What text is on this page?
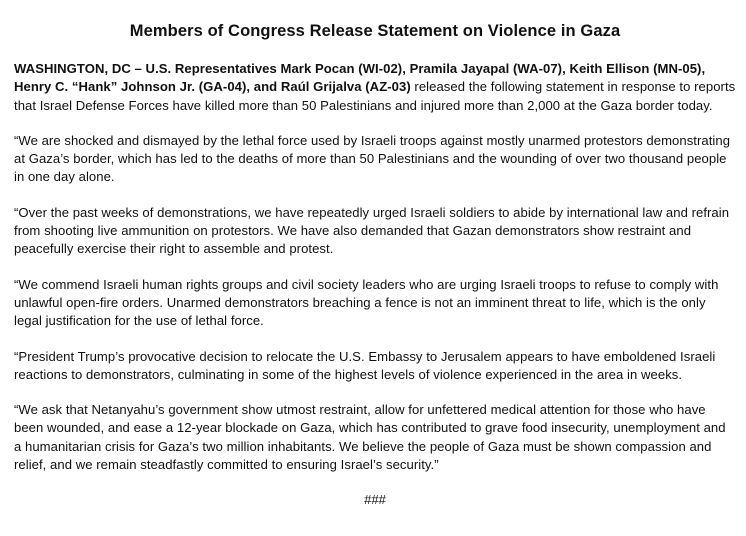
Members of Congress Release Statement on Violence in Gaza

WASHINGTON, DC – U.S. Representatives Mark Pocan (WI-02), Pramila Jayapal (WA-07), Keith Ellison (MN-05), Henry C. “Hank” Johnson Jr. (GA-04), and Raúl Grijalva (AZ-03) released the following statement in response to reports that Israel Defense Forces have killed more than 50 Palestinians and injured more than 2,000 at the Gaza border today.

“We are shocked and dismayed by the lethal force used by Israeli troops against mostly unarmed protestors demonstrating at Gaza’s border, which has led to the deaths of more than 50 Palestinians and the wounding of over two thousand people in one day alone.

“Over the past weeks of demonstrations, we have repeatedly urged Israeli soldiers to abide by international law and refrain from shooting live ammunition on protestors. We have also demanded that Gazan demonstrators show restraint and peacefully exercise their right to assemble and protest.

“We commend Israeli human rights groups and civil society leaders who are urging Israeli troops to refuse to comply with unlawful open-fire orders. Unarmed demonstrators breaching a fence is not an imminent threat to life, which is the only legal justification for the use of lethal force.

“President Trump’s provocative decision to relocate the U.S. Embassy to Jerusalem appears to have emboldened Israeli reactions to demonstrators, culminating in some of the highest levels of violence experienced in the area in weeks.

“We ask that Netanyahu’s government show utmost restraint, allow for unfettered medical attention for those who have been wounded, and ease a 12-year blockade on Gaza, which has contributed to grave food insecurity, unemployment and a humanitarian crisis for Gaza’s two million inhabitants. We believe the people of Gaza must be shown compassion and relief, and we remain steadfastly committed to ensuring Israel’s security.”

###
